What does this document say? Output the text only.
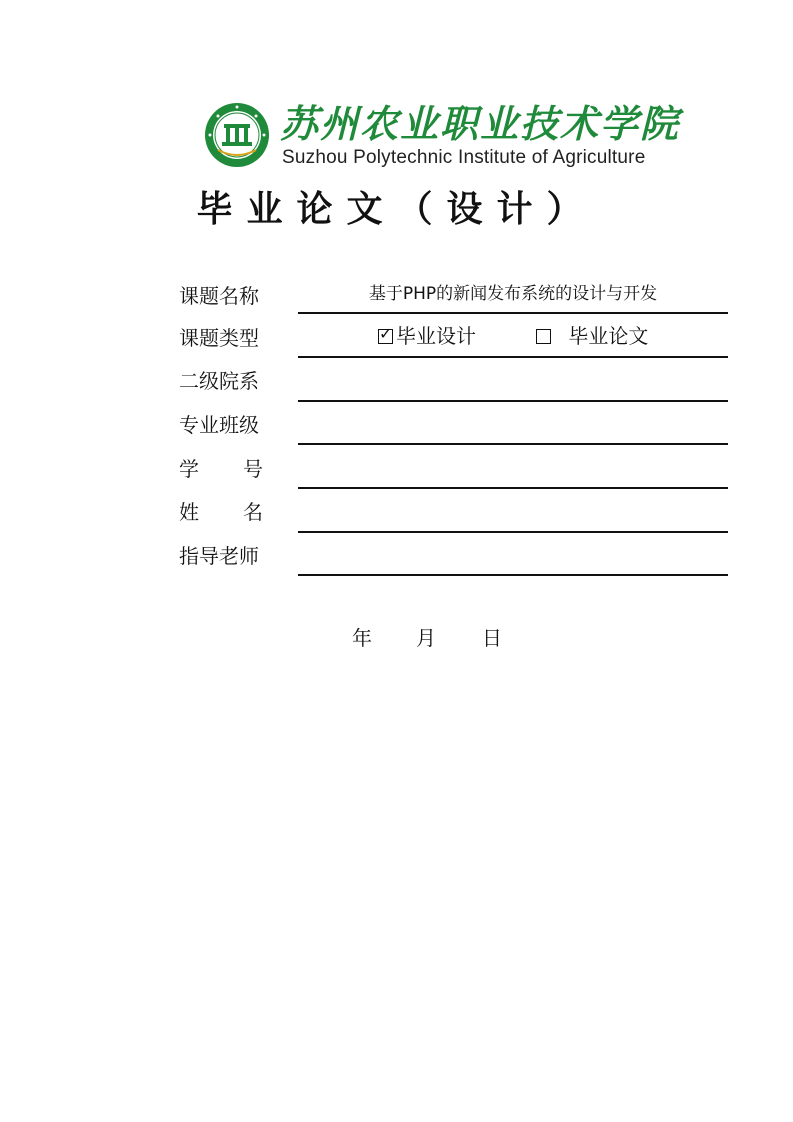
苏州农业职业技术学院
Suzhou Polytechnic Institute of Agriculture
毕业论文（设计）
课题名称	基于PHP的新闻发布系统的设计与开发
课题类型	✓ 毕业设计	毕业论文
二级院系
专业班级
学 号
姓 名
指导老师
年 月 日
